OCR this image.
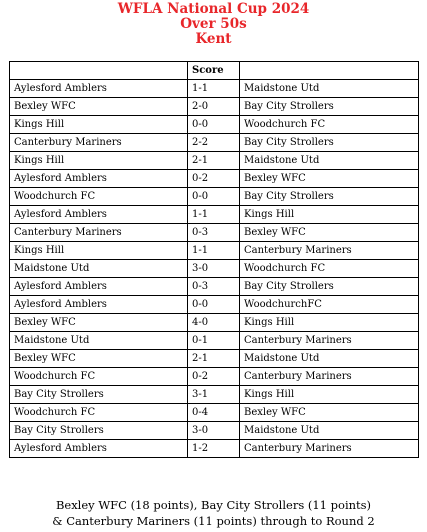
WFLA National Cup 2024
Over 50s
Kent
	Score	
Aylesford Amblers	1-1	Maidstone Utd
Bexley WFC	2-0	Bay City Strollers
Kings Hill	0-0	Woodchurch FC
Canterbury Mariners	2-2	Bay City Strollers
Kings Hill	2-1	Maidstone Utd
Aylesford Amblers	0-2	Bexley WFC
Woodchurch FC	0-0	Bay City Strollers
Aylesford Amblers	1-1	Kings Hill
Canterbury Mariners	0-3	Bexley WFC
Kings Hill	1-1	Canterbury Mariners
Maidstone Utd	3-0	Woodchurch FC
Aylesford Amblers	0-3	Bay City Strollers
Aylesford Amblers	0-0	WoodchurchFC
Bexley WFC	4-0	Kings Hill
Maidstone Utd	0-1	Canterbury Mariners
Bexley WFC	2-1	Maidstone Utd
Woodchurch FC	0-2	Canterbury Mariners
Bay City Strollers	3-1	Kings Hill
Woodchurch FC	0-4	Bexley WFC
Bay City Strollers	3-0	Maidstone Utd
Aylesford Amblers	1-2	Canterbury Mariners

Bexley WFC (18 points), Bay City Strollers (11 points)

& Canterbury Mariners (11 points) through to Round 2
